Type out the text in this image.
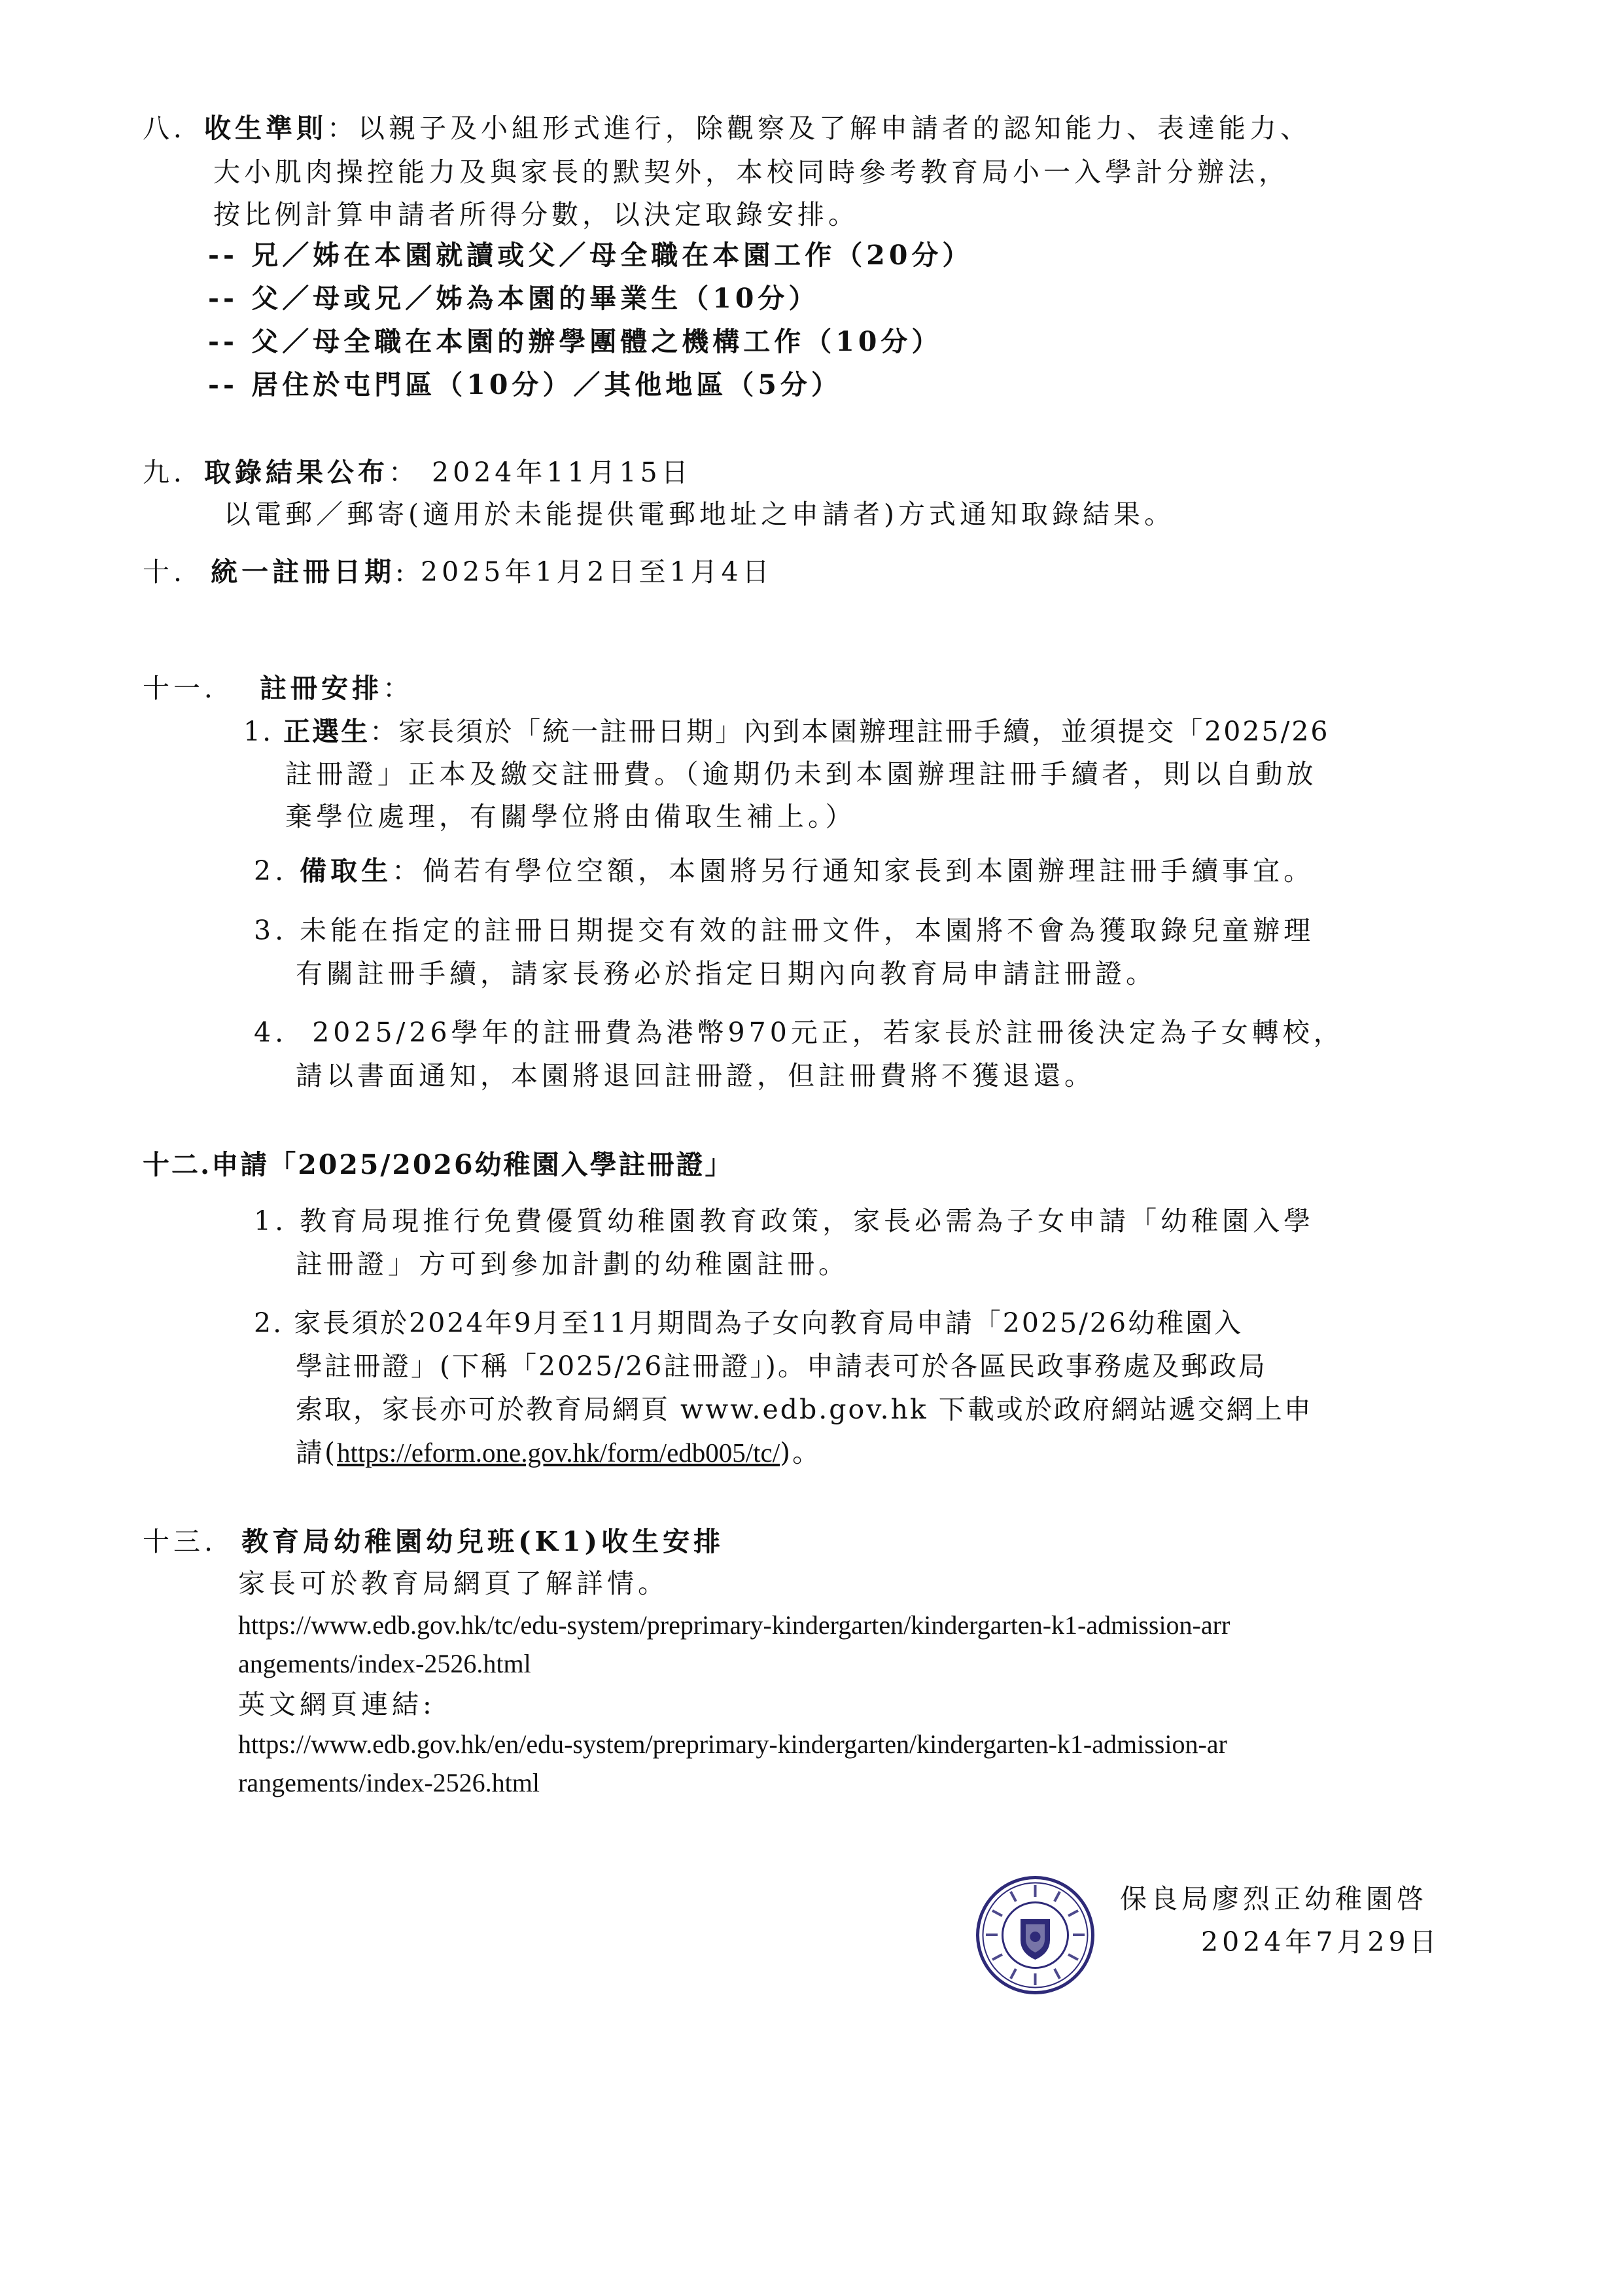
八．收生準則：以親子及小組形式進行，除觀察及了解申請者的認知能力、表達能力、
大小肌肉操控能力及與家長的默契外，本校同時參考教育局小一入學計分辦法，
按比例計算申請者所得分數，以決定取錄安排。
-- 兄／姊在本園就讀或父／母全職在本園工作（20分）
-- 父／母或兄／姊為本園的畢業生（10分）
-- 父／母全職在本園的辦學團體之機構工作（10分）
-- 居住於屯門區（10分）／其他地區（5分）
九．取錄結果公布： 2024年11月15日
以電郵／郵寄(適用於未能提供電郵地址之申請者)方式通知取錄結果。
十. 統一註冊日期: 2025年1月2日至1月4日
十一． 註冊安排：
1. 正選生：家長須於「統一註冊日期」內到本園辦理註冊手續，並須提交「2025/26
註冊證」正本及繳交註冊費。（逾期仍未到本園辦理註冊手續者，則以自動放
棄學位處理，有關學位將由備取生補上。）
2. 備取生：倘若有學位空額，本園將另行通知家長到本園辦理註冊手續事宜。
3. 未能在指定的註冊日期提交有效的註冊文件，本園將不會為獲取錄兒童辦理
有關註冊手續，請家長務必於指定日期內向教育局申請註冊證。
4. 2025/26學年的註冊費為港幣970元正，若家長於註冊後決定為子女轉校，
請以書面通知，本園將退回註冊證，但註冊費將不獲退還。
十二.申請「2025/2026幼稚園入學註冊證」
1. 教育局現推行免費優質幼稚園教育政策，家長必需為子女申請「幼稚園入學
註冊證」方可到參加計劃的幼稚園註冊。
2. 家長須於2024年9月至11月期間為子女向教育局申請「2025/26幼稚園入
學註冊證」(下稱「2025/26註冊證」)。申請表可於各區民政事務處及郵政局
索取，家長亦可於教育局網頁 www.edb.gov.hk 下載或於政府網站遞交網上申
請(https://eform.one.gov.hk/form/edb005/tc/)。
十三. 教育局幼稚園幼兒班(K1)收生安排
家長可於教育局網頁了解詳情。
https://www.edb.gov.hk/tc/edu-system/preprimary-kindergarten/kindergarten-k1-admission-arr
angements/index-2526.html
英文網頁連結:
https://www.edb.gov.hk/en/edu-system/preprimary-kindergarten/kindergarten-k1-admission-ar
rangements/index-2526.html
保良局廖烈正幼稚園啓
2024年7月29日
